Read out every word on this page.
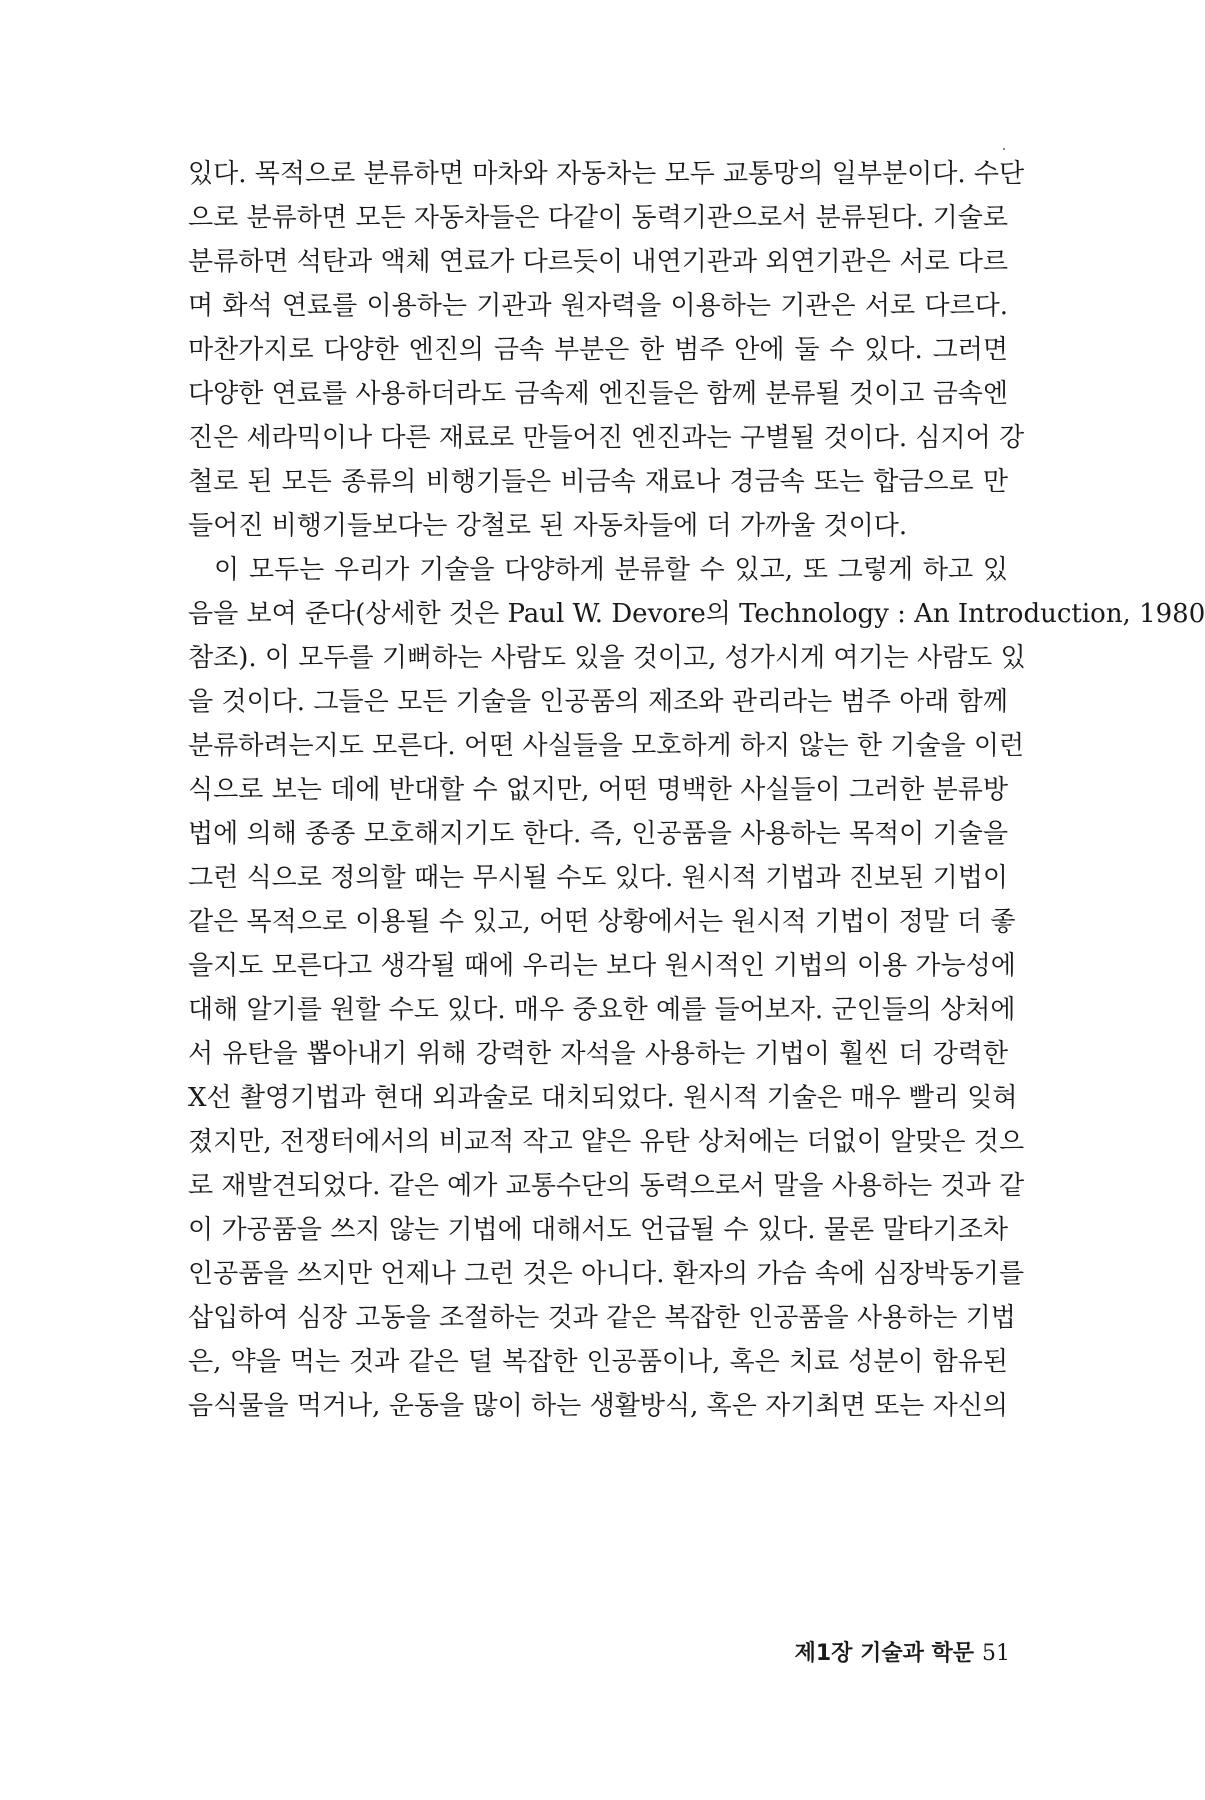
있다. 목적으로 분류하면 마차와 자동차는 모두 교통망의 일부분이다. 수단
으로 분류하면 모든 자동차들은 다같이 동력기관으로서 분류된다. 기술로
분류하면 석탄과 액체 연료가 다르듯이 내연기관과 외연기관은 서로 다르
며 화석 연료를 이용하는 기관과 원자력을 이용하는 기관은 서로 다르다.
마찬가지로 다양한 엔진의 금속 부분은 한 범주 안에 둘 수 있다. 그러면
다양한 연료를 사용하더라도 금속제 엔진들은 함께 분류될 것이고 금속엔
진은 세라믹이나 다른 재료로 만들어진 엔진과는 구별될 것이다. 심지어 강
철로 된 모든 종류의 비행기들은 비금속 재료나 경금속 또는 합금으로 만
들어진 비행기들보다는 강철로 된 자동차들에 더 가까울 것이다.
이 모두는 우리가 기술을 다양하게 분류할 수 있고, 또 그렇게 하고 있
음을 보여 준다(상세한 것은 Paul W. Devore의 Technology : An Introduction, 1980
참조). 이 모두를 기뻐하는 사람도 있을 것이고, 성가시게 여기는 사람도 있
을 것이다. 그들은 모든 기술을 인공품의 제조와 관리라는 범주 아래 함께
분류하려는지도 모른다. 어떤 사실들을 모호하게 하지 않는 한 기술을 이런
식으로 보는 데에 반대할 수 없지만, 어떤 명백한 사실들이 그러한 분류방
법에 의해 종종 모호해지기도 한다. 즉, 인공품을 사용하는 목적이 기술을
그런 식으로 정의할 때는 무시될 수도 있다. 원시적 기법과 진보된 기법이
같은 목적으로 이용될 수 있고, 어떤 상황에서는 원시적 기법이 정말 더 좋
을지도 모른다고 생각될 때에 우리는 보다 원시적인 기법의 이용 가능성에
대해 알기를 원할 수도 있다. 매우 중요한 예를 들어보자. 군인들의 상처에
서 유탄을 뽑아내기 위해 강력한 자석을 사용하는 기법이 훨씬 더 강력한
X선 촬영기법과 현대 외과술로 대치되었다. 원시적 기술은 매우 빨리 잊혀
졌지만, 전쟁터에서의 비교적 작고 얕은 유탄 상처에는 더없이 알맞은 것으
로 재발견되었다. 같은 예가 교통수단의 동력으로서 말을 사용하는 것과 같
이 가공품을 쓰지 않는 기법에 대해서도 언급될 수 있다. 물론 말타기조차
인공품을 쓰지만 언제나 그런 것은 아니다. 환자의 가슴 속에 심장박동기를
삽입하여 심장 고동을 조절하는 것과 같은 복잡한 인공품을 사용하는 기법
은, 약을 먹는 것과 같은 덜 복잡한 인공품이나, 혹은 치료 성분이 함유된
음식물을 먹거나, 운동을 많이 하는 생활방식, 혹은 자기최면 또는 자신의
제1장 기술과 학문 51
